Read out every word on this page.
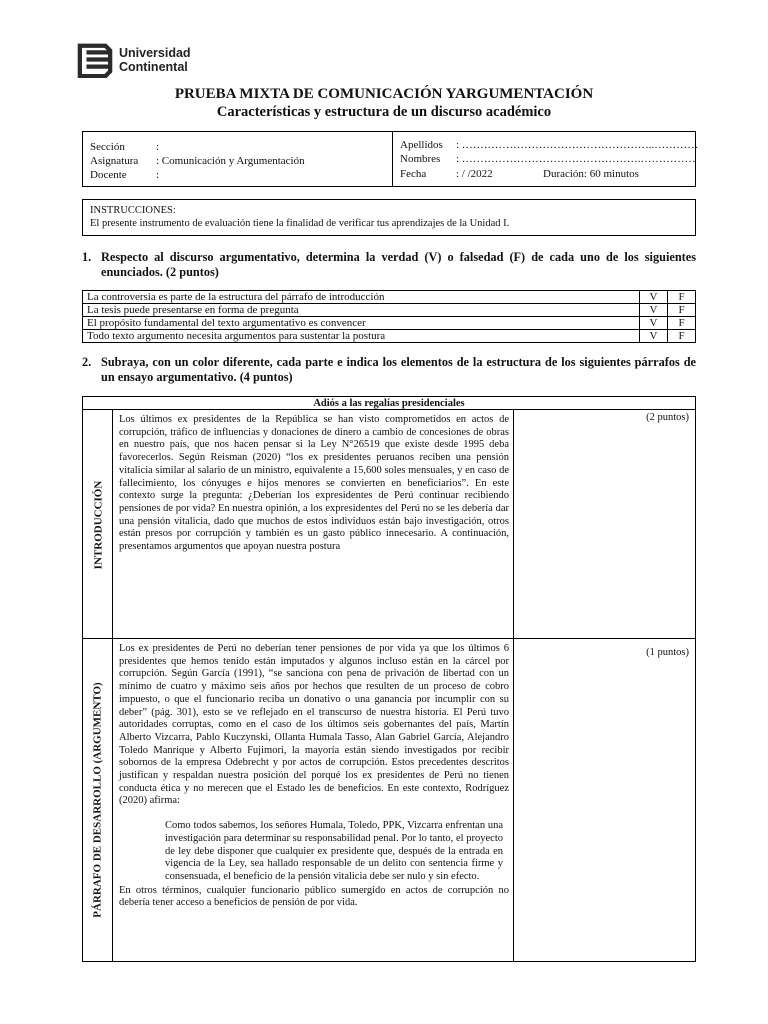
Universidad
Continental
PRUEBA MIXTA DE COMUNICACIÓN YARGUMENTACIÓN
Características y estructura de un discurso académico
Sección	:
Asignatura : Comunicación y Argumentación
Docente	:
Apellidos : ……………………………………………..…………
Nombres : ………………………………………….……………
Fecha	: / /2022	Duración: 60 minutos
INSTRUCCIONES:
El presente instrumento de evaluación tiene la finalidad de verificar tus aprendizajes de la Unidad I.
1. Respecto al discurso argumentativo, determina la verdad (V) o falsedad (F) de cada uno de los siguientes enunciados. (2 puntos)
La controversia es parte de la estructura del párrafo de introducción	V	F
La tesis puede presentarse en forma de pregunta	V	F
El propósito fundamental del texto argumentativo es convencer	V	F
Todo texto argumento necesita argumentos para sustentar la postura	V	F
2. Subraya, con un color diferente, cada parte e indica los elementos de la estructura de los siguientes párrafos de un ensayo argumentativo. (4 puntos)
Adiós a las regalías presidenciales
INTRODUCCIÓN
Los últimos ex presidentes de la República se han visto comprometidos en actos de corrupción, tráfico de influencias y donaciones de dinero a cambio de concesiones de obras en nuestro país, que nos hacen pensar si la Ley N°26519 que existe desde 1995 deba favorecerlos. Según Reisman (2020) “los ex presidentes peruanos reciben una pensión vitalicia similar al salario de un ministro, equivalente a 15,600 soles mensuales, y en caso de fallecimiento, los cónyuges e hijos menores se convierten en beneficiarios”. En este contexto surge la pregunta: ¿Deberían los expresidentes de Perú continuar recibiendo pensiones de por vida? En nuestra opinión, a los expresidentes del Perú no se les debería dar una pensión vitalicia, dado que muchos de estos individuos están bajo investigación, otros están presos por corrupción y también es un gasto público innecesario. A continuación, presentamos argumentos que apoyan nuestra postura
(2 puntos)
PÁRRAFO DE DESARROLLO (ARGUMENTO)
Los ex presidentes de Perú no deberían tener pensiones de por vida ya que los últimos 6 presidentes que hemos tenido están imputados y algunos incluso están en la cárcel por corrupción. Según García (1991), “se sanciona con pena de privación de libertad con un mínimo de cuatro y máximo seis años por hechos que resulten de un proceso de cobro impuesto, o que el funcionario reciba un donativo o una ganancia por incumplir con su deber” (pág. 301), esto se ve reflejado en el transcurso de nuestra historia. El Perú tuvo autoridades corruptas, como en el caso de los últimos seis gobernantes del país, Martín Alberto Vizcarra, Pablo Kuczynski, Ollanta Humala Tasso, Alan Gabriel García, Alejandro Toledo Manrique y Alberto Fujimori, la mayoría están siendo investigados por recibir sobornos de la empresa Odebrecht y por actos de corrupción. Estos precedentes descritos justifican y respaldan nuestra posición del porqué los ex presidentes de Perú no tienen conducta ética y no merecen que el Estado les de beneficios. En este contexto, Rodríguez (2020) afirma:
Como todos sabemos, los señores Humala, Toledo, PPK, Vizcarra enfrentan una investigación para determinar su responsabilidad penal. Por lo tanto, el proyecto de ley debe disponer que cualquier ex presidente que, después de la entrada en vigencia de la Ley, sea hallado responsable de un delito con sentencia firme y consensuada, el beneficio de la pensión vitalicia debe ser nulo y sin efecto.
En otros términos, cualquier funcionario público sumergido en actos de corrupción no debería tener acceso a beneficios de pensión de por vida.
(1 puntos)
